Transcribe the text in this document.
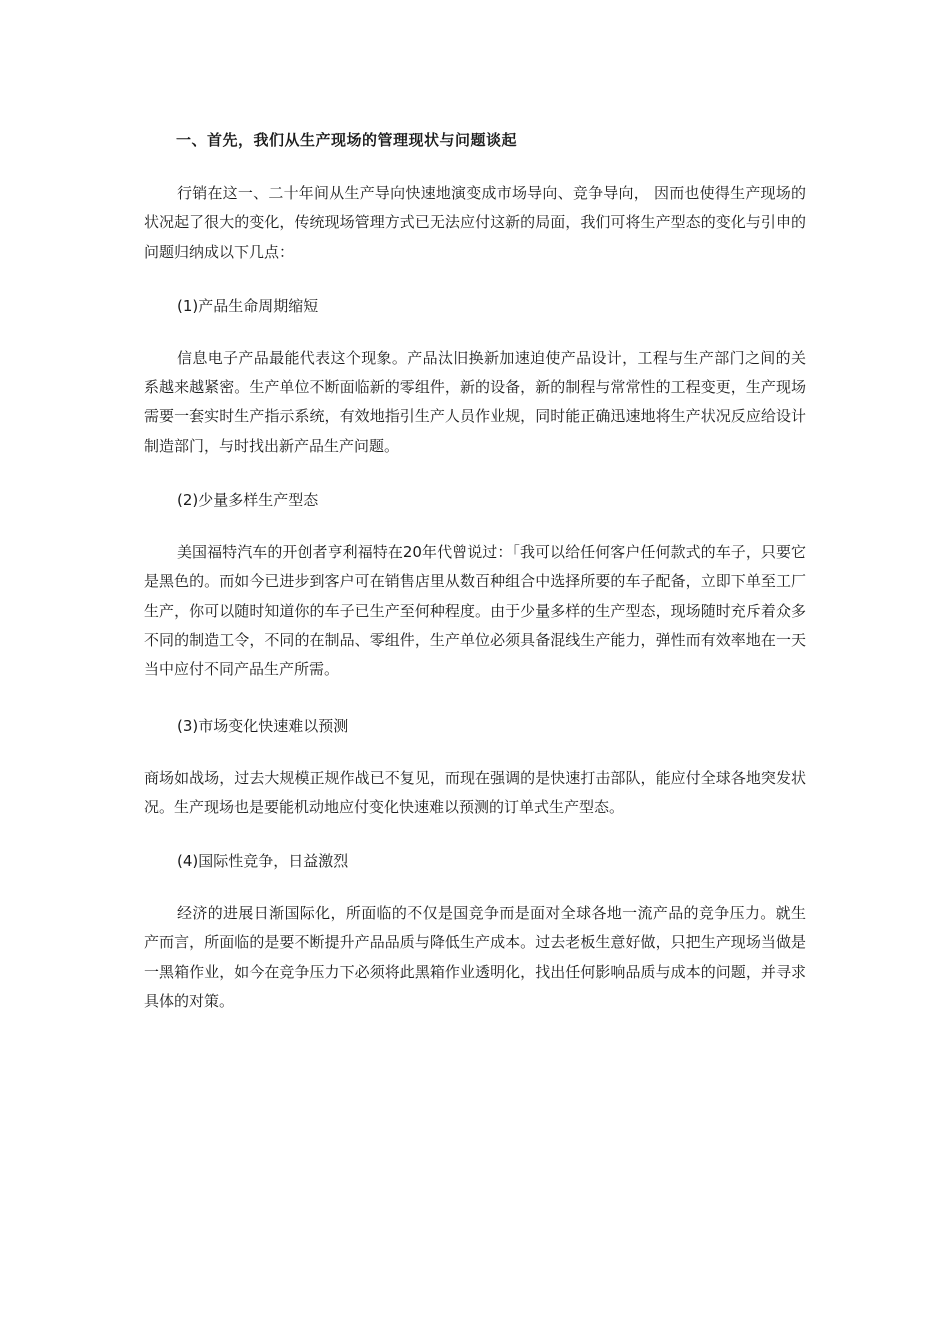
一、首先，我们从生产现场的管理现状与问题谈起

行销在这一、二十年间从生产导向快速地演变成市场导向、竞争导向， 因而也使得生产现场的状况起了很大的变化，传统现场管理方式已无法应付这新的局面，我们可将生产型态的变化与引申的问题归纳成以下几点：

(1)产品生命周期缩短

信息电子产品最能代表这个现象。产品汰旧换新加速迫使产品设计，工程与生产部门之间的关系越来越紧密。生产单位不断面临新的零组件，新的设备，新的制程与常常性的工程变更，生产现场需要一套实时生产指示系统，有效地指引生产人员作业规，同时能正确迅速地将生产状况反应给设计制造部门，与时找出新产品生产问题。

(2)少量多样生产型态

美国福特汽车的开创者亨利福特在20年代曾说过：「我可以给任何客户任何款式的车子，只要它是黑色的。而如今已进步到客户可在销售店里从数百种组合中选择所要的车子配备，立即下单至工厂生产，你可以随时知道你的车子已生产至何种程度。由于少量多样的生产型态，现场随时充斥着众多不同的制造工令，不同的在制品、零组件，生产单位必须具备混线生产能力，弹性而有效率地在一天当中应付不同产品生产所需。

(3)市场变化快速难以预测

商场如战场，过去大规模正规作战已不复见，而现在强调的是快速打击部队，能应付全球各地突发状况。生产现场也是要能机动地应付变化快速难以预测的订单式生产型态。

(4)国际性竞争，日益激烈

经济的进展日渐国际化，所面临的不仅是国竞争而是面对全球各地一流产品的竞争压力。就生产而言，所面临的是要不断提升产品品质与降低生产成本。过去老板生意好做，只把生产现场当做是一黑箱作业，如今在竞争压力下必须将此黑箱作业透明化，找出任何影响品质与成本的问题，并寻求具体的对策。
